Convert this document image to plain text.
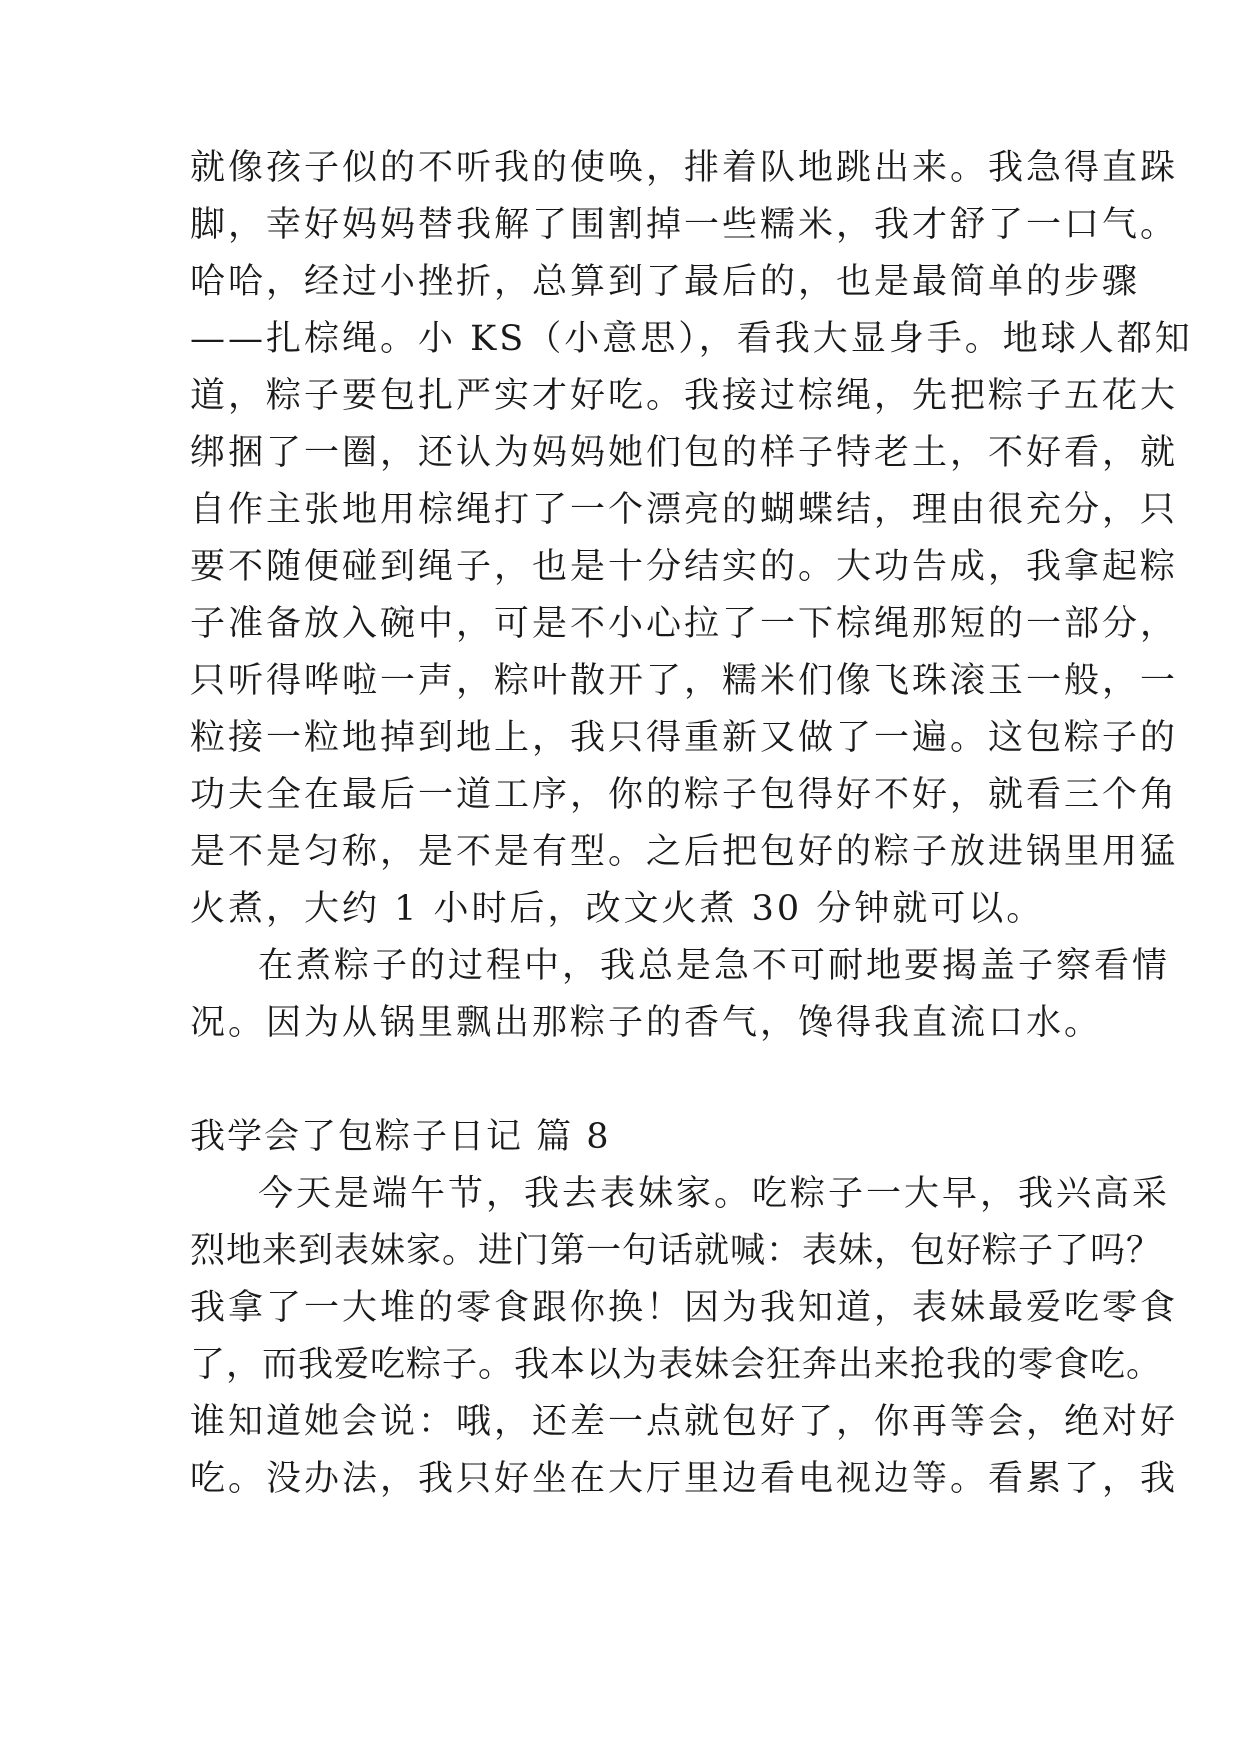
就像孩子似的不听我的使唤，排着队地跳出来。我急得直跺
脚，幸好妈妈替我解了围割掉一些糯米，我才舒了一口气。
哈哈，经过小挫折，总算到了最后的，也是最简单的步骤
——扎棕绳。小 KS（小意思），看我大显身手。地球人都知
道，粽子要包扎严实才好吃。我接过棕绳，先把粽子五花大
绑捆了一圈，还认为妈妈她们包的样子特老土，不好看，就
自作主张地用棕绳打了一个漂亮的蝴蝶结，理由很充分，只
要不随便碰到绳子，也是十分结实的。大功告成，我拿起粽
子准备放入碗中，可是不小心拉了一下棕绳那短的一部分，
只听得哗啦一声，粽叶散开了，糯米们像飞珠滚玉一般，一
粒接一粒地掉到地上，我只得重新又做了一遍。这包粽子的
功夫全在最后一道工序，你的粽子包得好不好，就看三个角
是不是匀称，是不是有型。之后把包好的粽子放进锅里用猛
火煮，大约 1 小时后，改文火煮 30 分钟就可以。
在煮粽子的过程中，我总是急不可耐地要揭盖子察看情
况。因为从锅里飘出那粽子的香气，馋得我直流口水。
我学会了包粽子日记 篇 8
今天是端午节，我去表妹家。吃粽子一大早，我兴高采
烈地来到表妹家。进门第一句话就喊：表妹，包好粽子了吗？
我拿了一大堆的零食跟你换！因为我知道，表妹最爱吃零食
了，而我爱吃粽子。我本以为表妹会狂奔出来抢我的零食吃。
谁知道她会说：哦，还差一点就包好了，你再等会，绝对好
吃。没办法，我只好坐在大厅里边看电视边等。看累了，我
